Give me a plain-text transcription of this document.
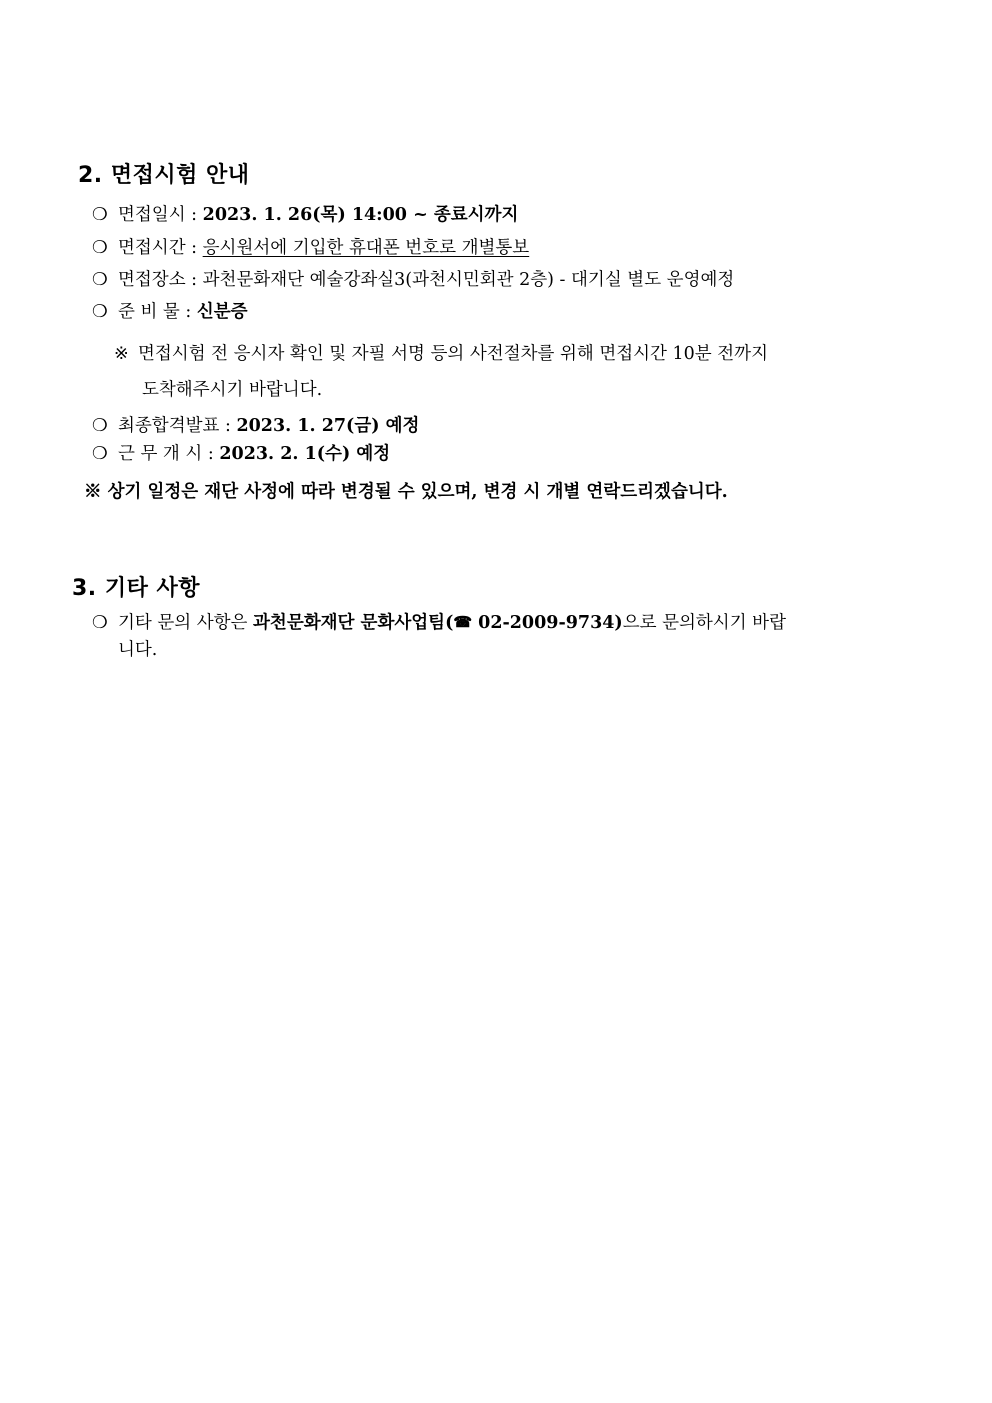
2. 면접시험 안내
❍ 면접일시 : 2023. 1. 26(목) 14:00 ~ 종료시까지
❍ 면접시간 : 응시원서에 기입한 휴대폰 번호로 개별통보
❍ 면접장소 : 과천문화재단 예술강좌실3(과천시민회관 2층) - 대기실 별도 운영예정
❍ 준 비 물 : 신분증
※ 면접시험 전 응시자 확인 및 자필 서명 등의 사전절차를 위해 면접시간 10분 전까지
도착해주시기 바랍니다.
❍ 최종합격발표 : 2023. 1. 27(금) 예정
❍ 근 무 개 시 : 2023. 2. 1(수) 예정
※ 상기 일정은 재단 사정에 따라 변경될 수 있으며, 변경 시 개별 연락드리겠습니다.
3. 기타 사항
❍ 기타 문의 사항은 과천문화재단 문화사업팀(☎ 02-2009-9734)으로 문의하시기 바랍
니다.
